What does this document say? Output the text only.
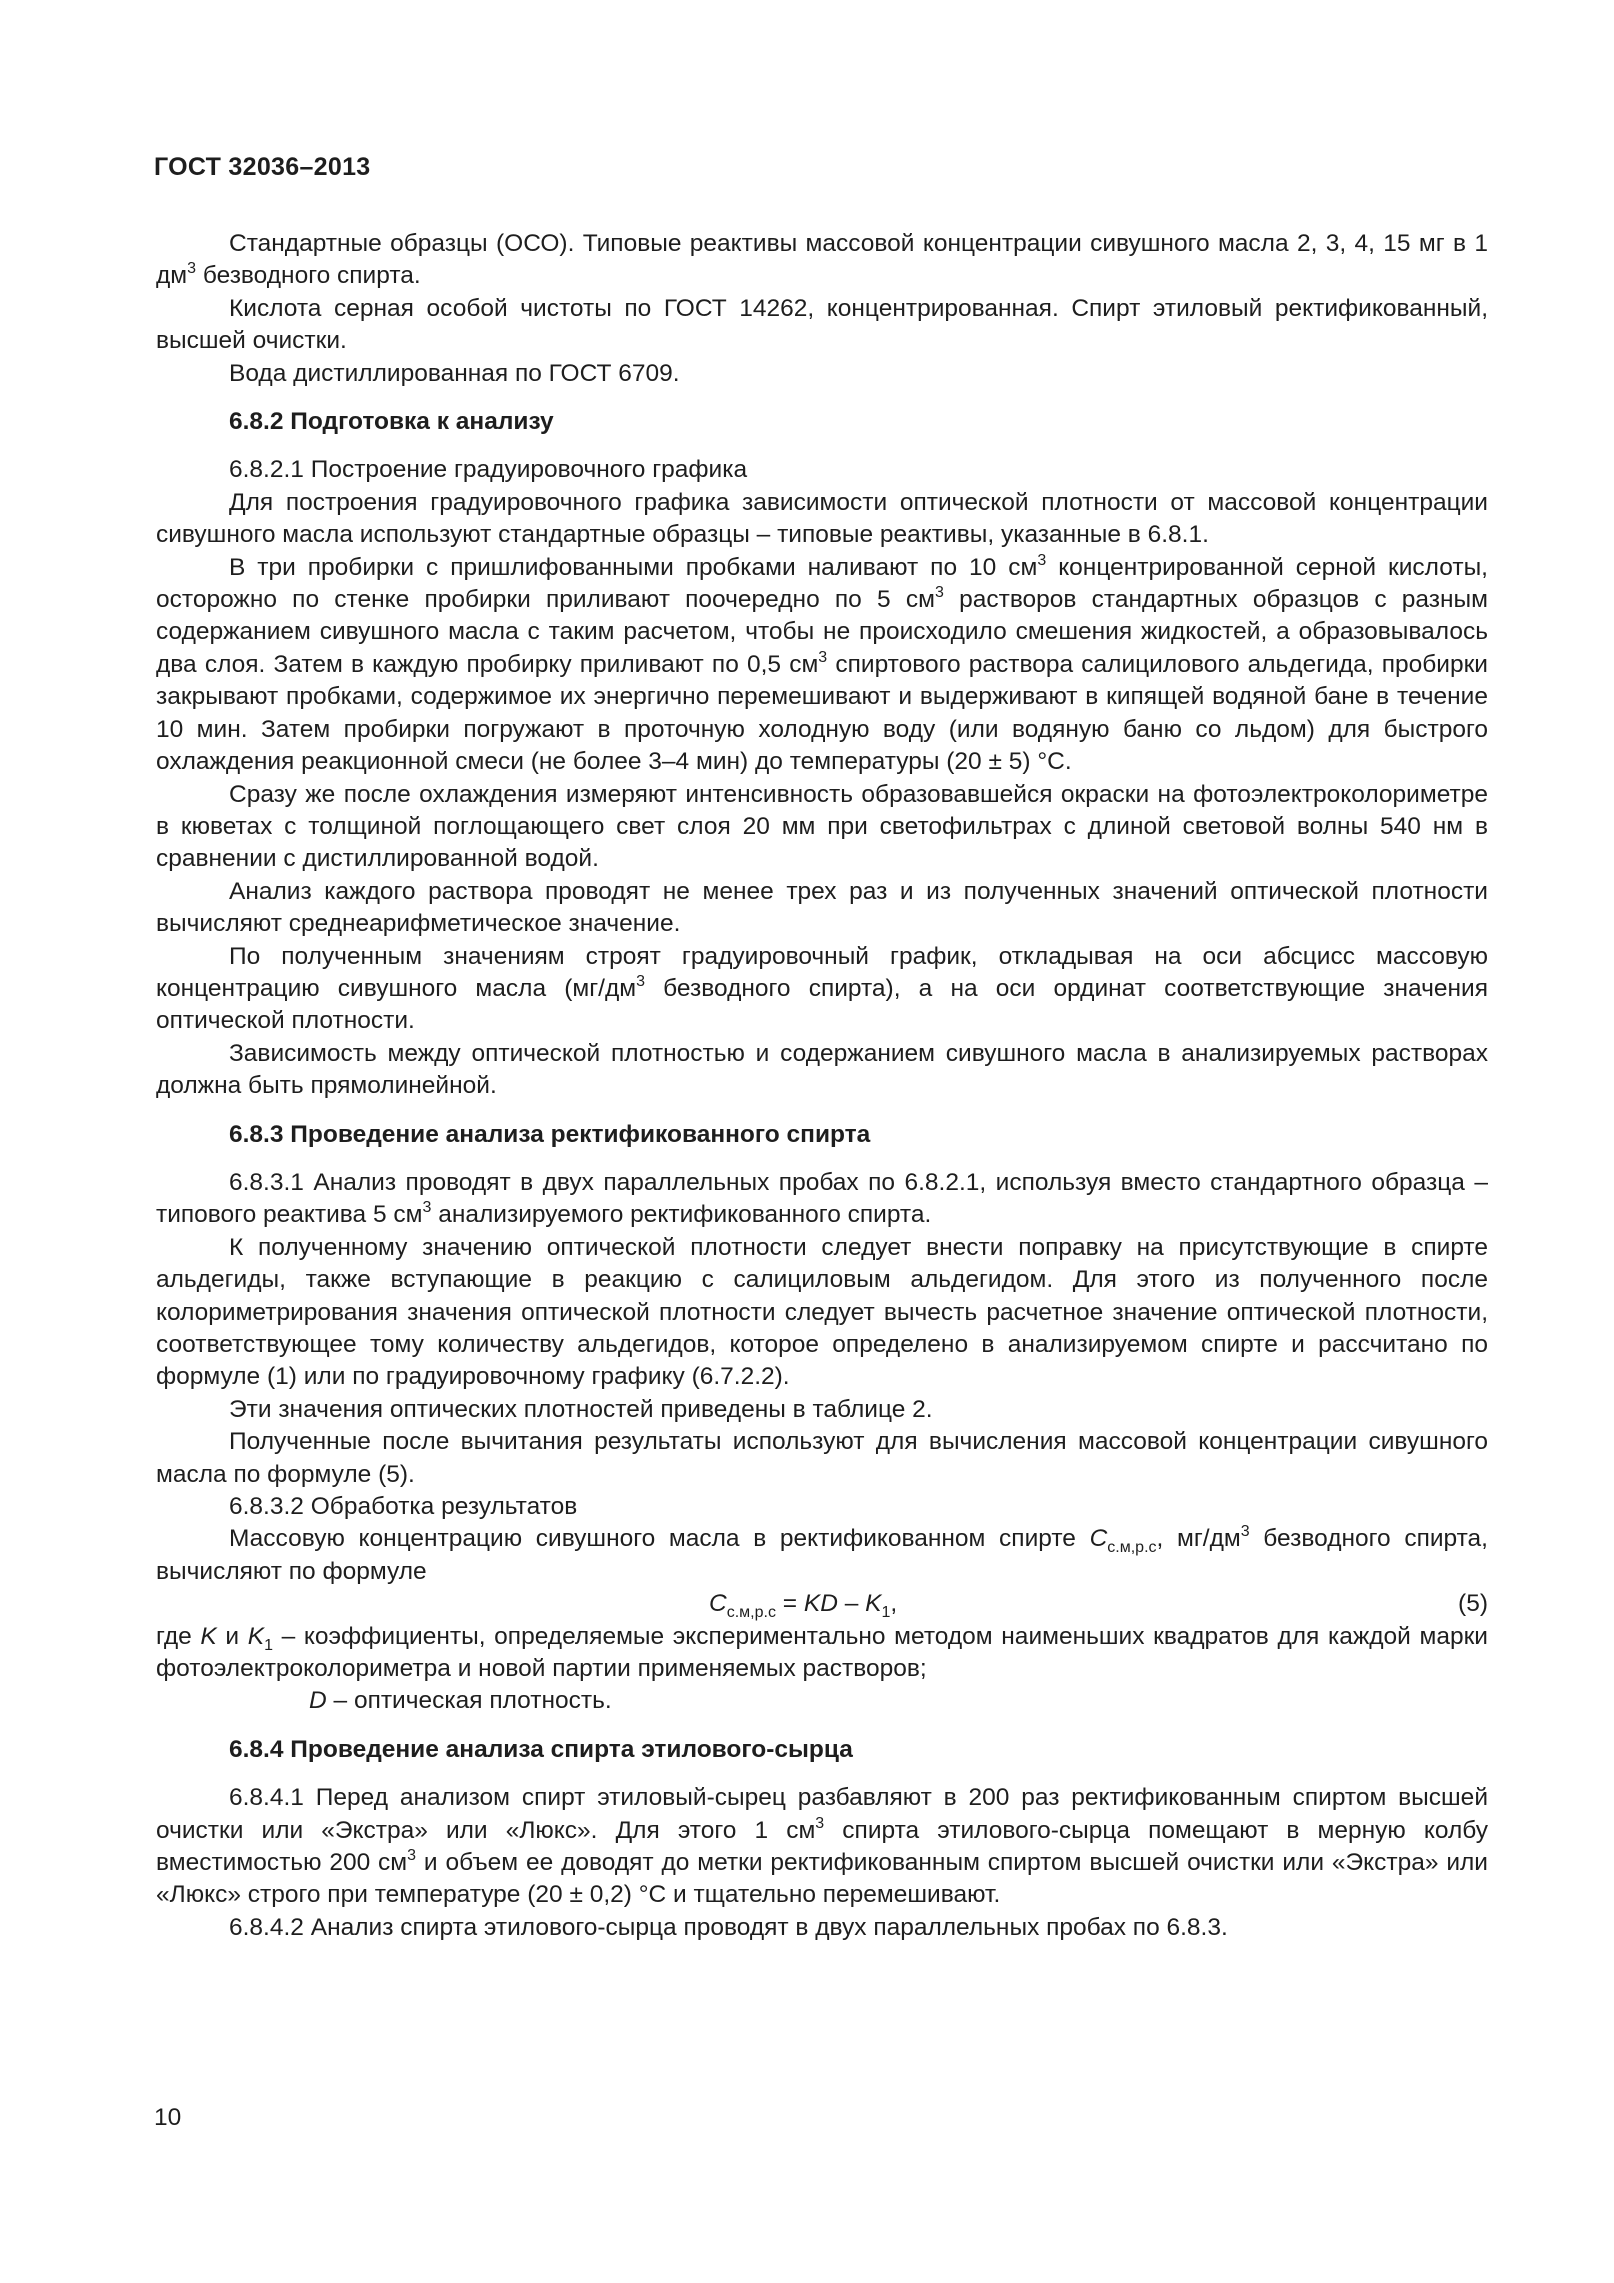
ГОСТ 32036–2013

Стандартные образцы (ОСО). Типовые реактивы массовой концентрации сивушного масла 2, 3, 4, 15 мг в 1 $дм^3$ безводного спирта.

Кислота серная особой чистоты по ГОСТ 14262, концентрированная. Спирт этиловый ректификованный, высшей очистки.

Вода дистиллированная по ГОСТ 6709.

6.8.2 Подготовка к анализу

6.8.2.1 Построение градуировочного графика

Для построения градуировочного графика зависимости оптической плотности от массовой концентрации сивушного масла используют стандартные образцы – типовые реактивы, указанные в 6.8.1.

В три пробирки с пришлифованными пробками наливают по 10 $см^3$ концентрированной серной кислоты, осторожно по стенке пробирки приливают поочередно по 5 $см^3$ растворов стандартных образцов с разным содержанием сивушного масла с таким расчетом, чтобы не происходило смешения жидкостей, а образовывалось два слоя. Затем в каждую пробирку приливают по 0,5 $см^3$ спиртового раствора салицилового альдегида, пробирки закрывают пробками, содержимое их энергично перемешивают и выдерживают в кипящей водяной бане в течение 10 мин. Затем пробирки погружают в проточную холодную воду (или водяную баню со льдом) для быстрого охлаждения реакционной смеси (не более 3–4 мин) до температуры (20 ± 5) °С.

Сразу же после охлаждения измеряют интенсивность образовавшейся окраски на фотоэлектроколориметре в кюветах с толщиной поглощающего свет слоя 20 мм при светофильтрах с длиной световой волны 540 нм в сравнении с дистиллированной водой.

Анализ каждого раствора проводят не менее трех раз и из полученных значений оптической плотности вычисляют среднеарифметическое значение.

По полученным значениям строят градуировочный график, откладывая на оси абсцисс массовую концентрацию сивушного масла ($мг/дм^3$ безводного спирта), а на оси ординат соответствующие значения оптической плотности.

Зависимость между оптической плотностью и содержанием сивушного масла в анализируемых растворах должна быть прямолинейной.

6.8.3 Проведение анализа ректификованного спирта

6.8.3.1 Анализ проводят в двух параллельных пробах по 6.8.2.1, используя вместо стандартного образца – типового реактива 5 $см^3$ анализируемого ректификованного спирта.

К полученному значению оптической плотности следует внести поправку на присутствующие в спирте альдегиды, также вступающие в реакцию с салициловым альдегидом. Для этого из полученного после колориметрирования значения оптической плотности следует вычесть расчетное значение оптической плотности, соответствующее тому количеству альдегидов, которое определено в анализируемом спирте и рассчитано по формуле (1) или по градуировочному графику (6.7.2.2).

Эти значения оптических плотностей приведены в таблице 2.

Полученные после вычитания результаты используют для вычисления массовой концентрации сивушного масла по формуле (5).

6.8.3.2 Обработка результатов

Массовую концентрацию сивушного масла в ректификованном спирте $С_{с.м,р.с}$, $мг/дм^3$ безводного спирта, вычисляют по формуле

$С_{с.м,р.с}$ = KD – $K_1$,	(5)

где K и $K_1$ – коэффициенты, определяемые экспериментально методом наименьших квадратов для каждой марки фотоэлектроколориметра и новой партии применяемых растворов;

D – оптическая плотность.

6.8.4 Проведение анализа спирта этилового-сырца

6.8.4.1 Перед анализом спирт этиловый-сырец разбавляют в 200 раз ректификованным спиртом высшей очистки или «Экстра» или «Люкс». Для этого 1 $см^3$ спирта этилового-сырца помещают в мерную колбу вместимостью 200 $см^3$ и объем ее доводят до метки ректификованным спиртом высшей очистки или «Экстра» или «Люкс» строго при температуре (20 ± 0,2) °С и тщательно перемешивают.

6.8.4.2 Анализ спирта этилового-сырца проводят в двух параллельных пробах по 6.8.3.

10
